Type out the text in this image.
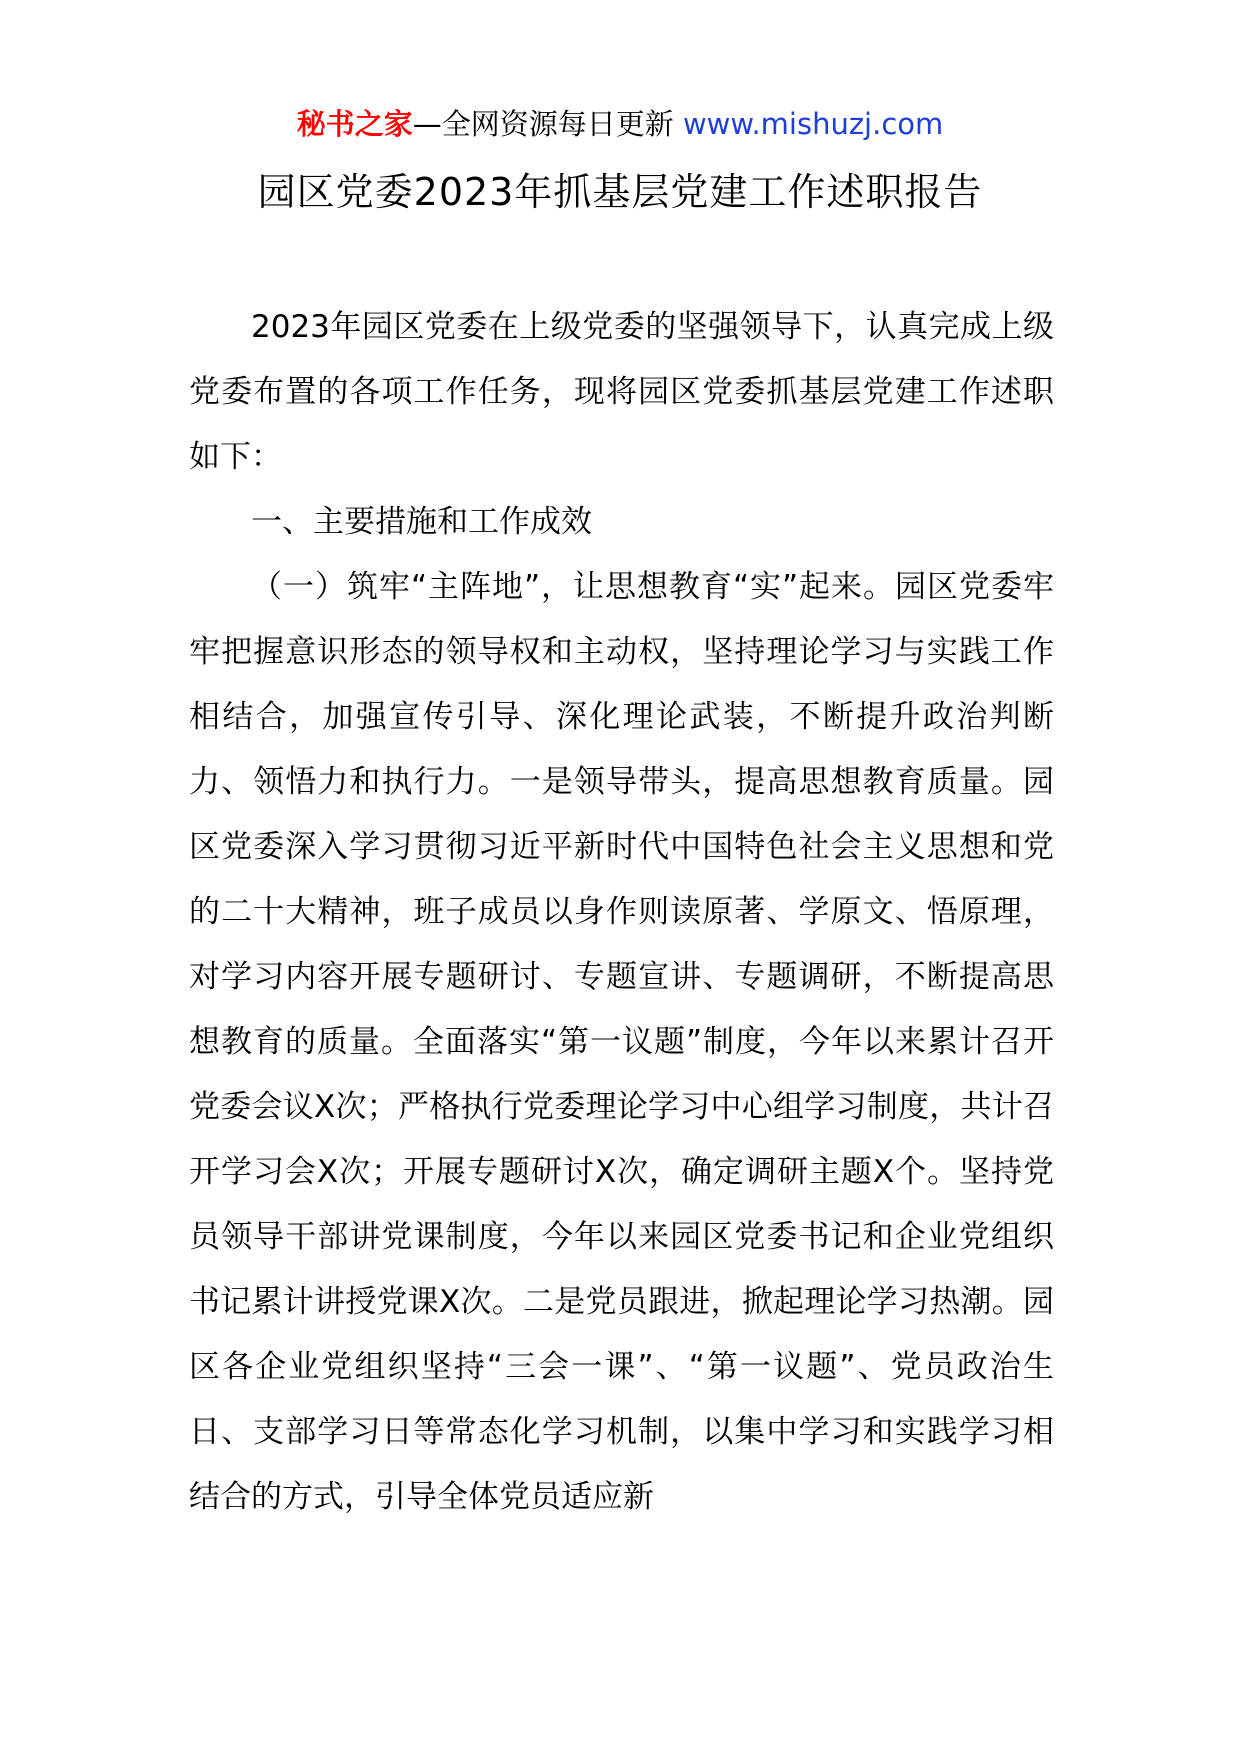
秘书之家—全网资源每日更新 www.mishuzj.com
园区党委2023年抓基层党建工作述职报告

2023年园区党委在上级党委的坚强领导下，认真完成上级党委布置的各项工作任务，现将园区党委抓基层党建工作述职如下：

一、主要措施和工作成效

（一）筑牢“主阵地”，让思想教育“实”起来。园区党委牢牢把握意识形态的领导权和主动权，坚持理论学习与实践工作相结合，加强宣传引导、深化理论武装，不断提升政治判断力、领悟力和执行力。一是领导带头，提高思想教育质量。园区党委深入学习贯彻习近平新时代中国特色社会主义思想和党的二十大精神，班子成员以身作则读原著、学原文、悟原理，对学习内容开展专题研讨、专题宣讲、专题调研，不断提高思想教育的质量。全面落实“第一议题”制度，今年以来累计召开党委会议X次；严格执行党委理论学习中心组学习制度，共计召开学习会X次；开展专题研讨X次，确定调研主题X个。坚持党员领导干部讲党课制度，今年以来园区党委书记和企业党组织书记累计讲授党课X次。二是党员跟进，掀起理论学习热潮。园区各企业党组织坚持“三会一课”、“第一议题”、党员政治生日、支部学习日等常态化学习机制，以集中学习和实践学习相结合的方式，引导全体党员适应新
